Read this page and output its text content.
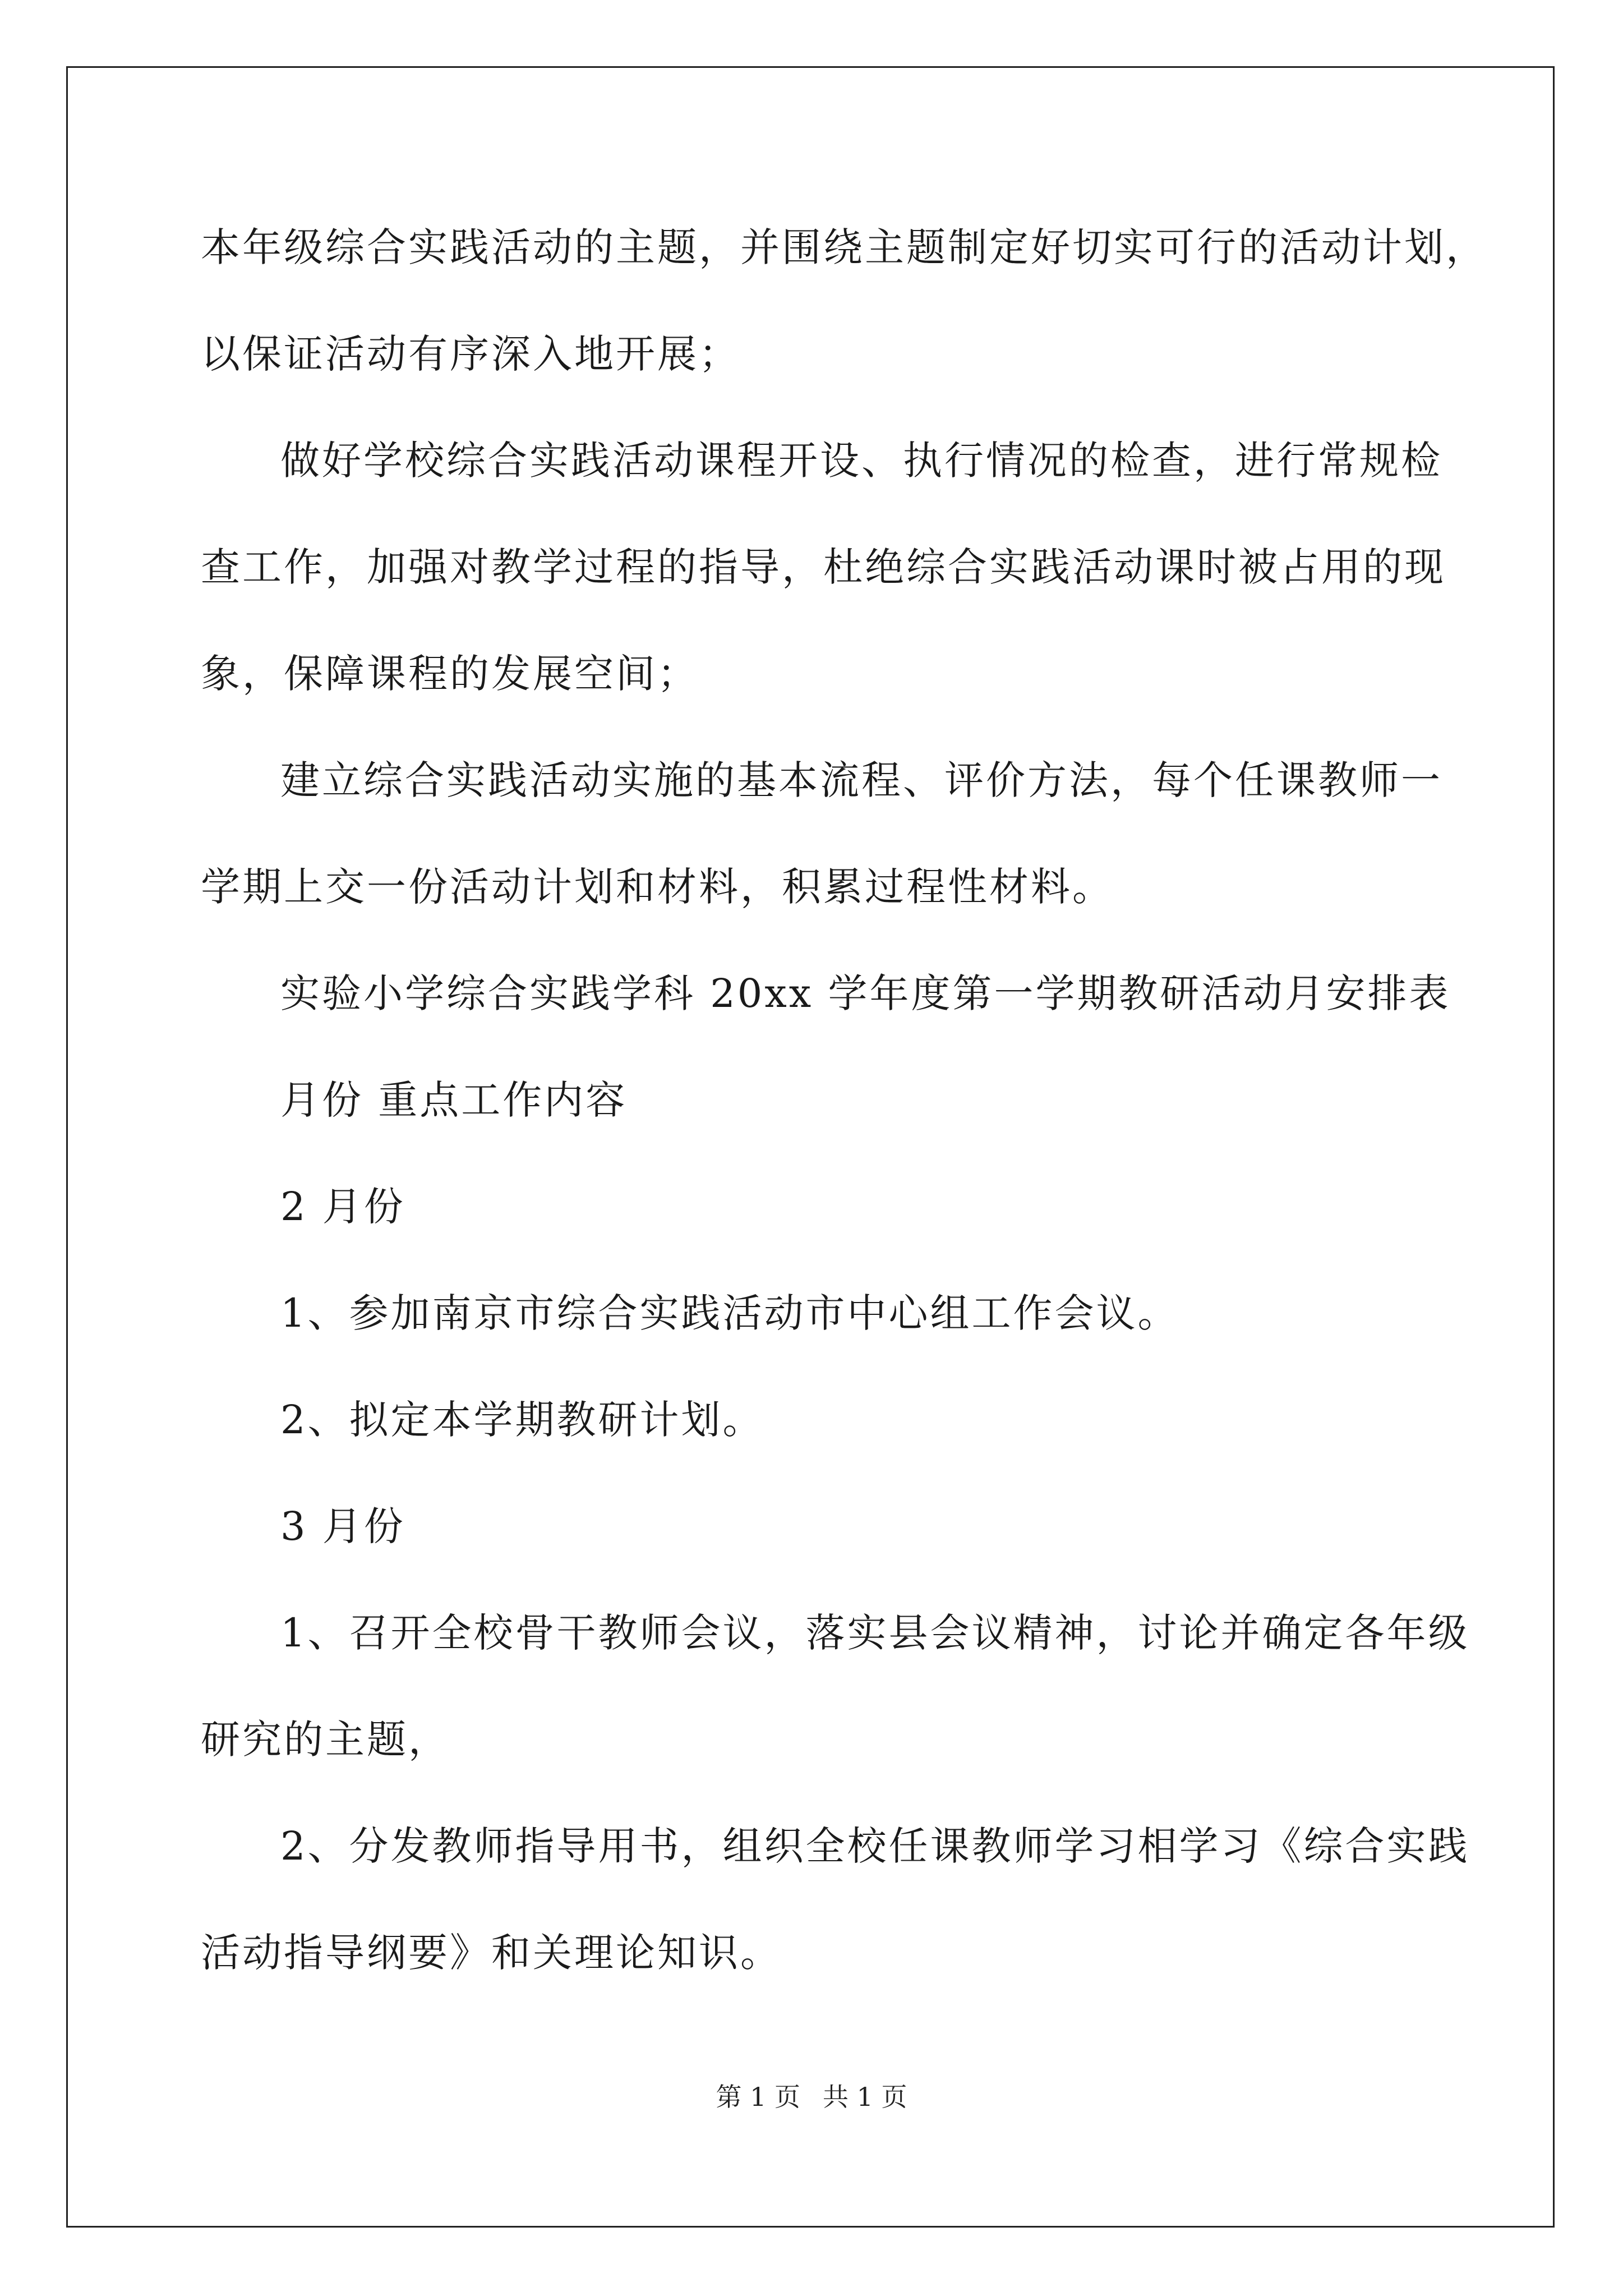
本年级综合实践活动的主题，并围绕主题制定好切实可行的活动计划，
以保证活动有序深入地开展；

做好学校综合实践活动课程开设、执行情况的检查，进行常规检
查工作，加强对教学过程的指导，杜绝综合实践活动课时被占用的现
象，保障课程的发展空间；

建立综合实践活动实施的基本流程、评价方法，每个任课教师一
学期上交一份活动计划和材料，积累过程性材料。

实验小学综合实践学科 20xx 学年度第一学期教研活动月安排表

月份 重点工作内容

2 月份

1、参加南京市综合实践活动市中心组工作会议。

2、拟定本学期教研计划。

3 月份

1、召开全校骨干教师会议，落实县会议精神，讨论并确定各年级
研究的主题，

2、分发教师指导用书，组织全校任课教师学习相学习《综合实践
活动指导纲要》和关理论知识。

第 1 页 共 1 页
